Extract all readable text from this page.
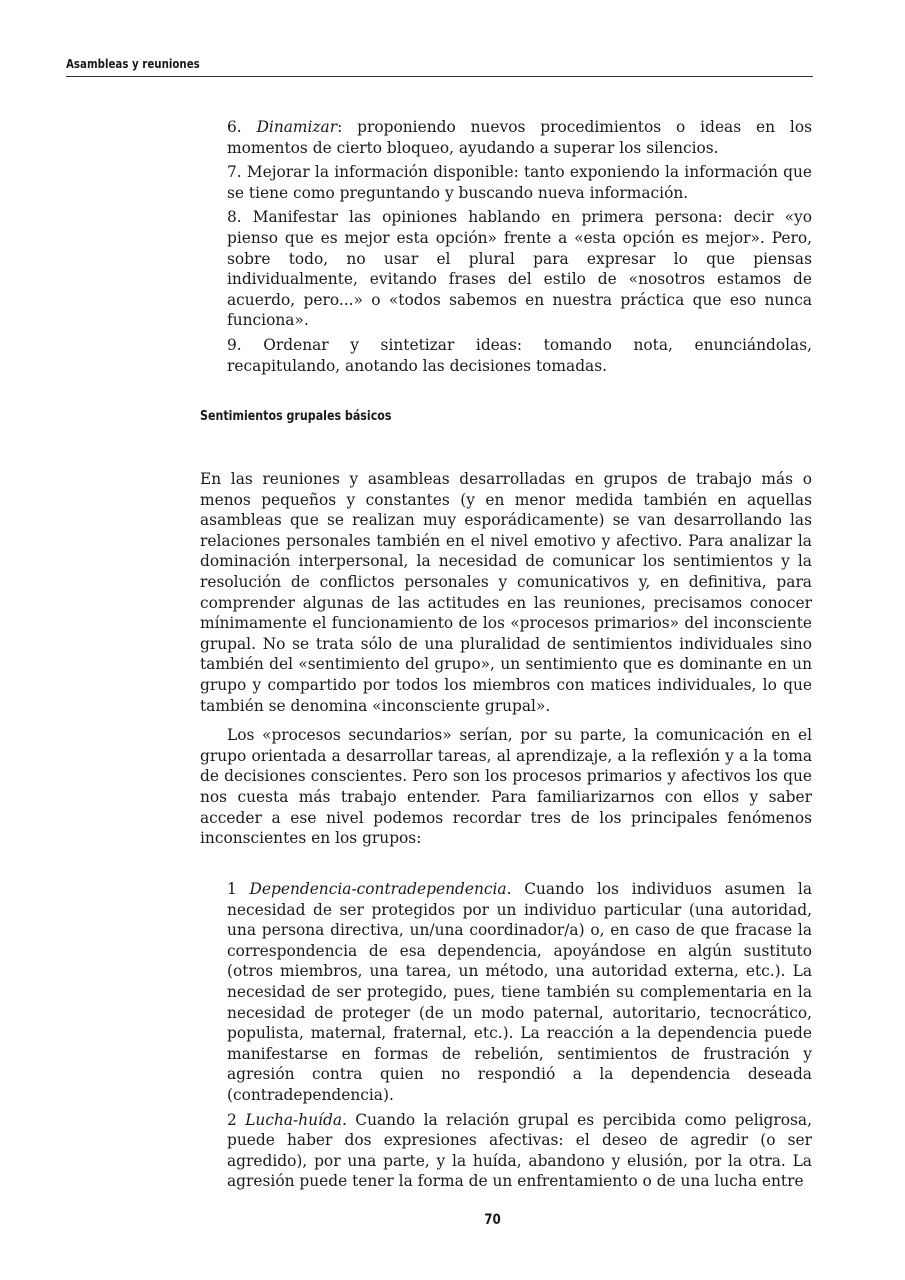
Asambleas y reuniones

6. Dinamizar: proponiendo nuevos procedimientos o ideas en los momentos de cierto bloqueo, ayudando a superar los silencios.

7. Mejorar la información disponible: tanto exponiendo la información que se tiene como preguntando y buscando nueva información.

8. Manifestar las opiniones hablando en primera persona: decir «yo pienso que es mejor esta opción» frente a «esta opción es mejor». Pero, sobre todo, no usar el plural para expresar lo que piensas individualmente, evitando frases del estilo de «nosotros estamos de acuerdo, pero...» o «todos sabemos en nuestra práctica que eso nunca funciona».

9. Ordenar y sintetizar ideas: tomando nota, enunciándolas, recapitulando, anotando las decisiones tomadas.

Sentimientos grupales básicos

En las reuniones y asambleas desarrolladas en grupos de trabajo más o menos pequeños y constantes (y en menor medida también en aquellas asambleas que se realizan muy esporádicamente) se van desarrollando las relaciones personales también en el nivel emotivo y afectivo. Para analizar la dominación interpersonal, la necesidad de comunicar los sentimientos y la resolución de conflictos personales y comunicativos y, en definitiva, para comprender algunas de las actitudes en las reuniones, precisamos conocer mínimamente el funcionamiento de los «procesos primarios» del inconsciente grupal. No se trata sólo de una pluralidad de sentimientos individuales sino también del «sentimiento del grupo», un sentimiento que es dominante en un grupo y compartido por todos los miembros con matices individuales, lo que también se denomina «inconsciente grupal».

Los «procesos secundarios» serían, por su parte, la comunicación en el grupo orientada a desarrollar tareas, al aprendizaje, a la reflexión y a la toma de decisiones conscientes. Pero son los procesos primarios y afectivos los que nos cuesta más trabajo entender. Para familiarizarnos con ellos y saber acceder a ese nivel podemos recordar tres de los principales fenómenos inconscientes en los grupos:

1 Dependencia-contradependencia. Cuando los individuos asumen la necesidad de ser protegidos por un individuo particular (una autoridad, una persona directiva, un/una coordinador/a) o, en caso de que fracase la correspondencia de esa dependencia, apoyándose en algún sustituto (otros miembros, una tarea, un método, una autoridad externa, etc.). La necesidad de ser protegido, pues, tiene también su complementaria en la necesidad de proteger (de un modo paternal, autoritario, tecnocrático, populista, maternal, fraternal, etc.). La reacción a la dependencia puede manifestarse en formas de rebelión, sentimientos de frustración y agresión contra quien no respondió a la dependencia deseada (contradependencia).

2 Lucha-huída. Cuando la relación grupal es percibida como peligrosa, puede haber dos expresiones afectivas: el deseo de agredir (o ser agredido), por una parte, y la huída, abandono y elusión, por la otra. La agresión puede tener la forma de un enfrentamiento o de una lucha entre

70
